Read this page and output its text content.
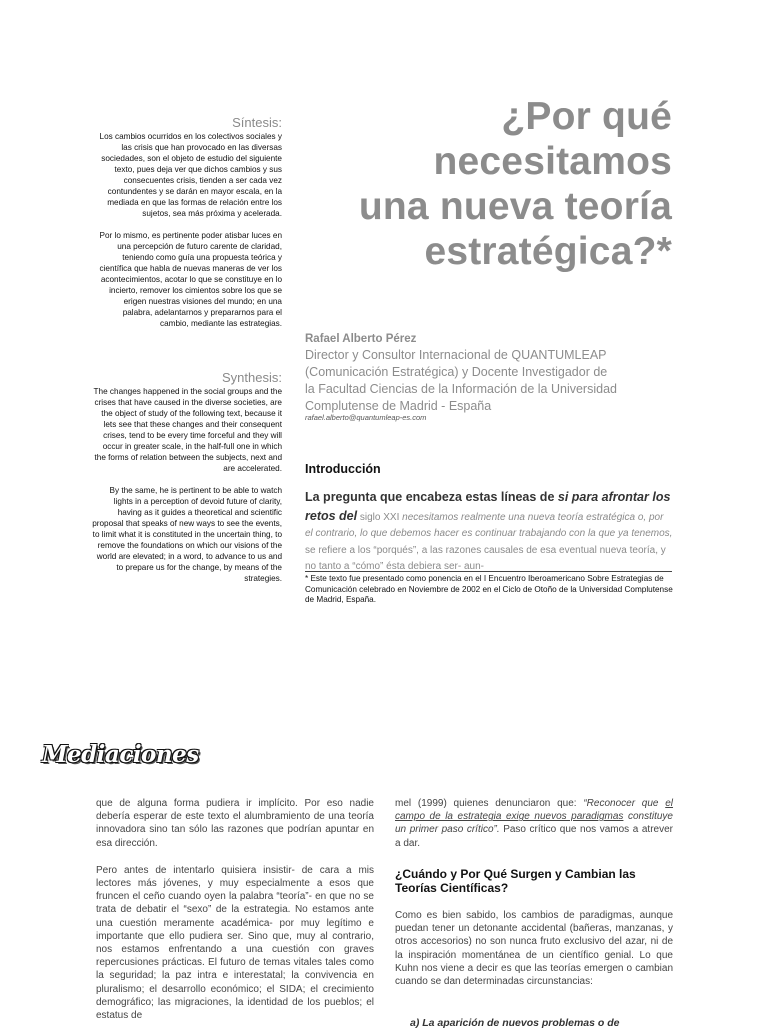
Síntesis:

Los cambios ocurridos en los colectivos sociales y las crisis que han provocado en las diversas sociedades, son el objeto de estudio del siguiente texto, pues deja ver que dichos cambios y sus consecuentes crisis, tienden a ser cada vez contundentes y se darán en mayor escala, en la mediada en que las formas de relación entre los sujetos, sea más próxima y acelerada.

Por lo mismo, es pertinente poder atisbar luces en una percepción de futuro carente de claridad, teniendo como guía una propuesta teórica y científica que habla de nuevas maneras de ver los acontecimientos, acotar lo que se constituye en lo incierto, remover los cimientos sobre los que se erigen nuestras visiones del mundo; en una palabra, adelantarnos y prepararnos para el cambio, mediante las estrategias.

Synthesis:

The changes happened in the social groups and the crises that have caused in the diverse societies, are the object of study of the following text, because it lets see that these changes and their consequent crises, tend to be every time forceful and they will occur in greater scale, in the half-full one in which the forms of relation between the subjects, next and are accelerated.

By the same, he is pertinent to be able to watch lights in a perception of devoid future of clarity, having as it guides a theoretical and scientific proposal that speaks of new ways to see the events, to limit what it is constituted in the uncertain thing, to remove the foundations on which our visions of the world are elevated; in a word, to advance to us and to prepare us for the change, by means of the strategies.

¿Por qué
necesitamos
una nueva teoría
estratégica?*
Rafael Alberto Pérez
Director y Consultor Internacional de QUANTUMLEAP
(Comunicación Estratégica) y Docente Investigador de
la Facultad Ciencias de la Información de la Universidad
Complutense de Madrid - España
rafael.alberto@quantumleap-es.com
Introducción
La pregunta que encabeza estas líneas de si para afrontar los retos del siglo XXI necesitamos realmente una nueva teoría estratégica o, por el contrario, lo que debemos hacer es continuar trabajando con la que ya tenemos, se refiere a los “porqués”, a las razones causales de esa eventual nueva teoría, y no tanto a “cómo” ésta debiera ser- aun-
* Este texto fue presentado como ponencia en el I Encuentro Iberoamericano Sobre Estrategias de Comunicación celebrado en Noviembre de 2002 en el Ciclo de Otoño de la Universidad Complutense de Madrid, España.
Mediaciones

que de alguna forma pudiera ir implícito. Por eso nadie debería esperar de este texto el alumbramiento de una teoría innovadora sino tan sólo las razones que podrían apuntar en esa dirección.

Pero antes de intentarlo quisiera insistir- de cara a mis lectores más jóvenes, y muy especialmente a esos que fruncen el ceño cuando oyen la palabra “teoría”- en que no se trata de debatir el “sexo” de la estrategia. No estamos ante una cuestión meramente académica- por muy legítimo e importante que ello pudiera ser. Sino que, muy al contrario, nos estamos enfrentando a una cuestión con graves repercusiones prácticas. El futuro de temas vitales tales como la seguridad; la paz intra e interestatal; la convivencia en pluralismo; el desarrollo económico; el SIDA; el crecimiento demográfico; las migraciones, la identidad de los pueblos; el estatus de

mel (1999) quienes denunciaron que: “Reconocer que el campo de la estrategia exige nuevos paradigmas constituye un primer paso crítico”. Paso crítico que nos vamos a atrever a dar.

¿Cuándo y Por Qué Surgen y Cambian las Teorías Científicas?

Como es bien sabido, los cambios de paradigmas, aunque puedan tener un detonante accidental (bañeras, manzanas, y otros accesorios) no son nunca fruto exclusivo del azar, ni de la inspiración momentánea de un científico genial. Lo que Kuhn nos viene a decir es que las teorías emergen o cambian cuando se dan determinadas circunstancias:

a) La aparición de nuevos problemas o de
